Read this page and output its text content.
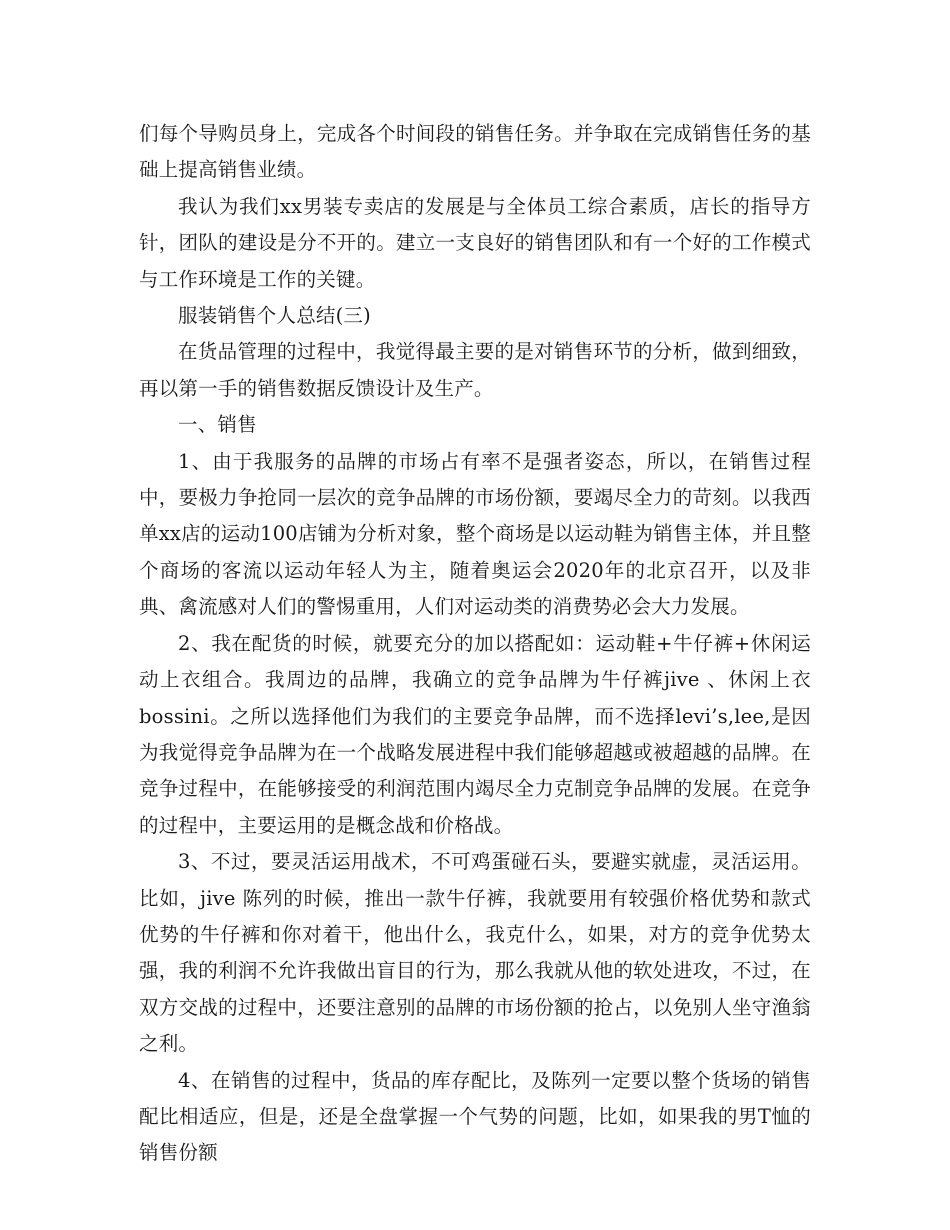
们每个导购员身上，完成各个时间段的销售任务。并争取在完成销售任务的基础上提高销售业绩。

我认为我们xx男装专卖店的发展是与全体员工综合素质，店长的指导方针，团队的建设是分不开的。建立一支良好的销售团队和有一个好的工作模式与工作环境是工作的关键。

服装销售个人总结(三)

在货品管理的过程中，我觉得最主要的是对销售环节的分析，做到细致，再以第一手的销售数据反馈设计及生产。

一、销售

1、由于我服务的品牌的市场占有率不是强者姿态，所以，在销售过程中，要极力争抢同一层次的竞争品牌的市场份额，要竭尽全力的苛刻。以我西单xx店的运动100店铺为分析对象，整个商场是以运动鞋为销售主体，并且整个商场的客流以运动年轻人为主，随着奥运会2020年的北京召开，以及非典、禽流感对人们的警惕重用，人们对运动类的消费势必会大力发展。

2、我在配货的时候，就要充分的加以搭配如：运动鞋+牛仔裤+休闲运动上衣组合。我周边的品牌，我确立的竞争品牌为牛仔裤jive 、休闲上衣bossini。之所以选择他们为我们的主要竞争品牌，而不选择levi’s,lee,是因为我觉得竞争品牌为在一个战略发展进程中我们能够超越或被超越的品牌。在竞争过程中，在能够接受的利润范围内竭尽全力克制竞争品牌的发展。在竞争的过程中，主要运用的是概念战和价格战。

3、不过，要灵活运用战术，不可鸡蛋碰石头，要避实就虚，灵活运用。比如，jive 陈列的时候，推出一款牛仔裤，我就要用有较强价格优势和款式优势的牛仔裤和你对着干，他出什么，我克什么，如果，对方的竞争优势太强，我的利润不允许我做出盲目的行为，那么我就从他的软处进攻，不过，在双方交战的过程中，还要注意别的品牌的市场份额的抢占，以免别人坐守渔翁之利。

4、在销售的过程中，货品的库存配比，及陈列一定要以整个货场的销售配比相适应，但是，还是全盘掌握一个气势的问题，比如，如果我的男T恤的销售份额
